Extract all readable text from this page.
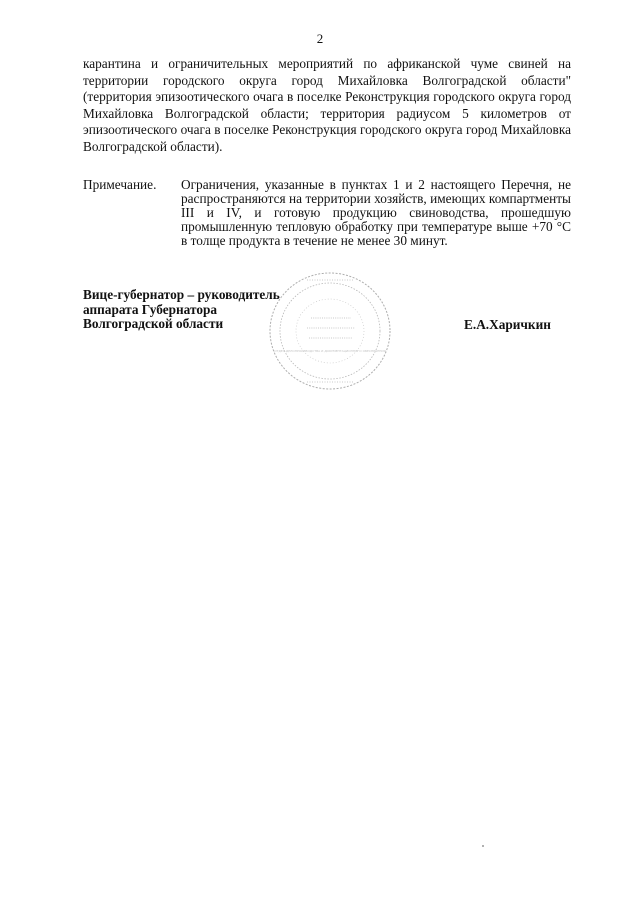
2

карантина и ограничительных мероприятий по африканской чуме свиней на территории городского округа город Михайловка Волгоградской области" (территория эпизоотического очага в поселке Реконструкция городского округа город Михайловка Волгоградской области; территория радиусом 5 километров от эпизоотического очага в поселке Реконструкция городского округа город Михайловка Волгоградской области).

Примечание. Ограничения, указанные в пунктах 1 и 2 настоящего Перечня, не распространяются на территории хозяйств, имеющих компартменты III и IV, и готовую продукцию свиноводства, прошедшую промышленную тепловую обработку при температуре выше +70 °С в толще продукта в течение не менее 30 минут.

ОТДЕЛ ДЕЛОПРОИЗВОДСТВА И ДОКУМЕНТАЦИОННОГО ОБЕСПЕЧЕНИЯ

Вице-губернатор – руководитель
аппарата Губернатора
Волгоградской области	Е.А.Харичкин
